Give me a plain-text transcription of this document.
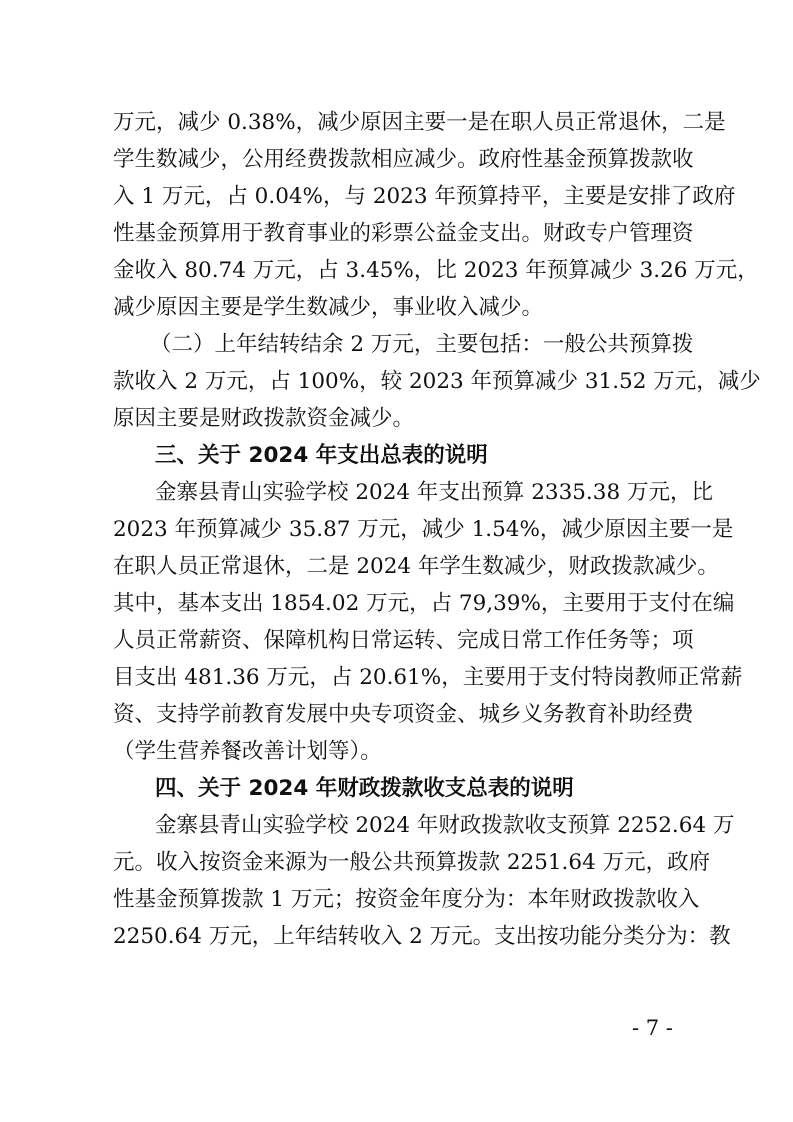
万元，减少 0.38%，减少原因主要一是在职人员正常退休，二是
学生数减少，公用经费拨款相应减少。政府性基金预算拨款收
入 1 万元，占 0.04%，与 2023 年预算持平，主要是安排了政府
性基金预算用于教育事业的彩票公益金支出。财政专户管理资
金收入 80.74 万元，占 3.45%，比 2023 年预算减少 3.26 万元，
减少原因主要是学生数减少，事业收入减少。
（二）上年结转结余 2 万元，主要包括：一般公共预算拨
款收入 2 万元，占 100%，较 2023 年预算减少 31.52 万元，减少
原因主要是财政拨款资金减少。
三、关于 2024 年支出总表的说明
金寨县青山实验学校 2024 年支出预算 2335.38 万元，比
2023 年预算减少 35.87 万元，减少 1.54%，减少原因主要一是
在职人员正常退休，二是 2024 年学生数减少，财政拨款减少。
其中，基本支出 1854.02 万元，占 79,39%，主要用于支付在编
人员正常薪资、保障机构日常运转、完成日常工作任务等；项
目支出 481.36 万元，占 20.61%，主要用于支付特岗教师正常薪
资、支持学前教育发展中央专项资金、城乡义务教育补助经费
（学生营养餐改善计划等）。
四、关于 2024 年财政拨款收支总表的说明
金寨县青山实验学校 2024 年财政拨款收支预算 2252.64 万
元。收入按资金来源为一般公共预算拨款 2251.64 万元，政府
性基金预算拨款 1 万元；按资金年度分为：本年财政拨款收入
2250.64 万元，上年结转收入 2 万元。支出按功能分类分为：教
- 7 -
